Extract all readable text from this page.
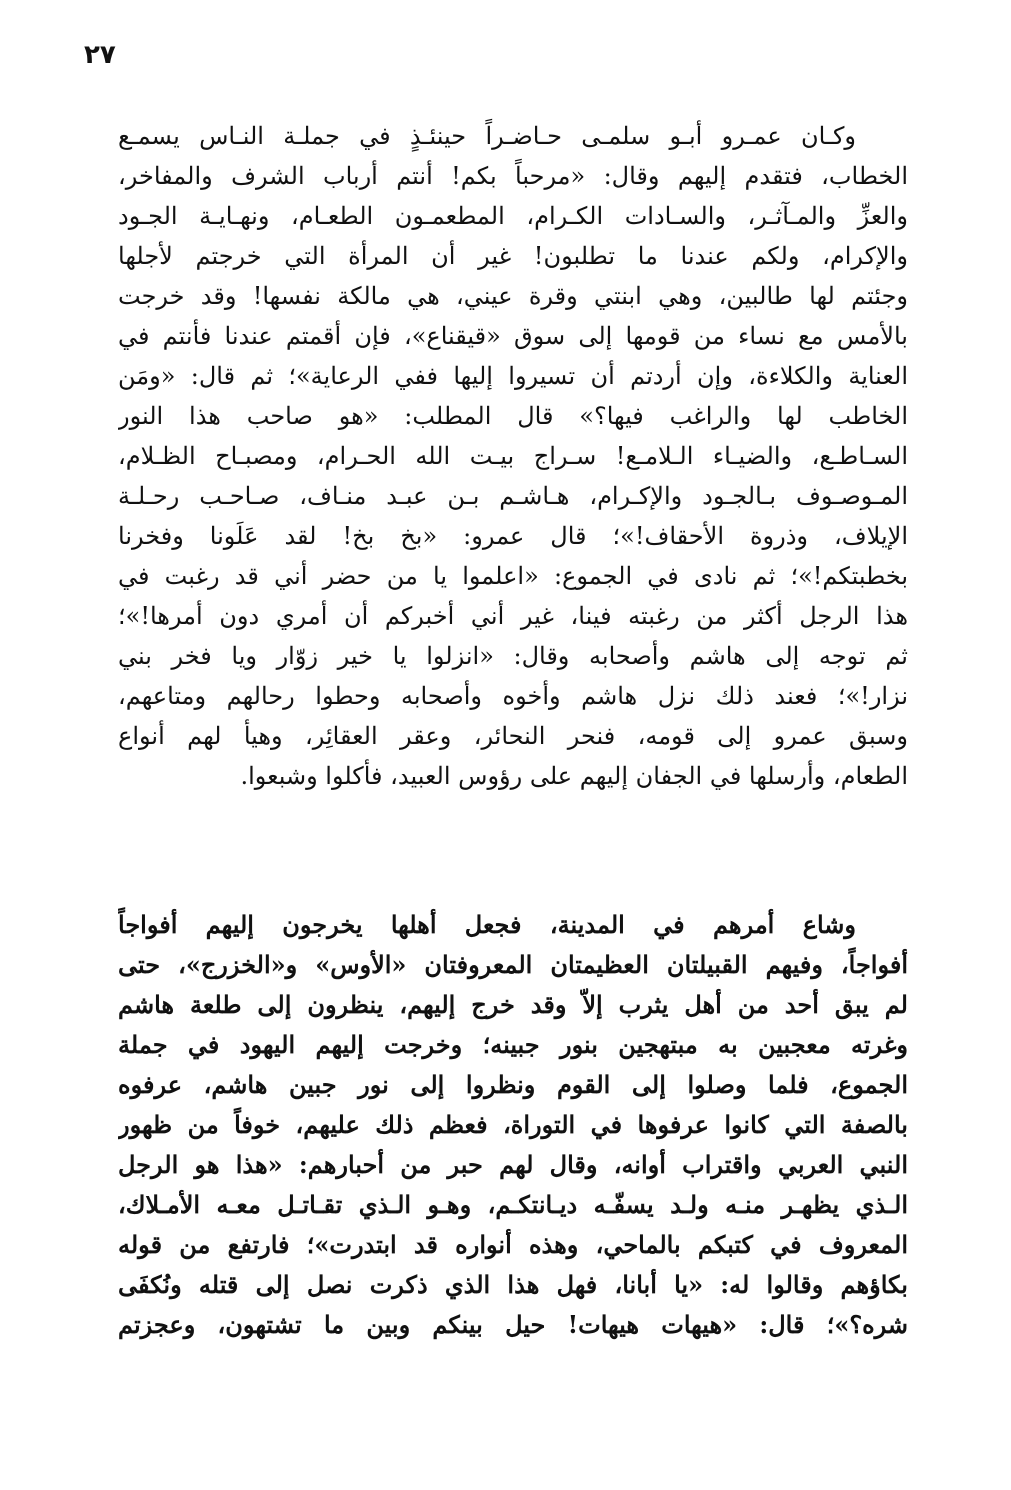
٢٧
وكـان عمـرو أبـو سلمـى حـاضـراً حينئـذٍ في جملـة النـاس يسمـع
الخطاب، فتقدم إليهم وقال: «مرحباً بكم! أنتم أرباب الشرف والمفاخر،
والعزِّ والمـآثـر، والسـادات الكـرام، المطعمـون الطعـام، ونهـايـة الجـود
والإكرام، ولكم عندنا ما تطلبون! غير أن المرأة التي خرجتم لأجلها
وجئتم لها طالبين، وهي ابنتي وقرة عيني، هي مالكة نفسها! وقد خرجت
بالأمس مع نساء من قومها إلى سوق «قيقناع»، فإن أقمتم عندنا فأنتم في
العناية والكلاءة، وإن أردتم أن تسيروا إليها ففي الرعاية»؛ ثم قال: «ومَن
الخاطب لها والراغب فيها؟» قال المطلب: «هو صاحب هذا النور
السـاطـع، والضيـاء الـلامـع! سـراج بيـت الله الحـرام، ومصبـاح الظـلام،
المـوصـوف بـالجـود والإكـرام، هـاشـم بـن عبـد منـاف، صـاحـب رحـلـة
الإيلاف، وذروة الأحقاف!»؛ قال عمرو: «بخ بخ! لقد عَلَونا وفخرنا
بخطبتكم!»؛ ثم نادى في الجموع: «اعلموا يا من حضر أني قد رغبت في
هذا الرجل أكثر من رغبته فينا، غير أني أخبركم أن أمري دون أمرها!»؛
ثم توجه إلى هاشم وأصحابه وقال: «انزلوا يا خير زوّار ويا فخر بني
نزار!»؛ فعند ذلك نزل هاشم وأخوه وأصحابه وحطوا رحالهم ومتاعهم،
وسبق عمرو إلى قومه، فنحر النحائر، وعقر العقائِر، وهيأ لهم أنواع
الطعام، وأرسلها في الجفان إليهم على رؤوس العبيد، فأكلوا وشبعوا.
وشاع أمرهم في المدينة، فجعل أهلها يخرجون إليهم أفواجاً
أفواجاً، وفيهم القبيلتان العظيمتان المعروفتان «الأوس» و«الخزرج»، حتى
لم يبق أحد من أهل يثرب إلاّ وقد خرج إليهم، ينظرون إلى طلعة هاشم
وغرته معجبين به مبتهجين بنور جبينه؛ وخرجت إليهم اليهود في جملة
الجموع، فلما وصلوا إلى القوم ونظروا إلى نور جبين هاشم، عرفوه
بالصفة التي كانوا عرفوها في التوراة، فعظم ذلك عليهم، خوفاً من ظهور
النبي العربي واقتراب أوانه، وقال لهم حبر من أحبارهم: «هذا هو الرجل
الـذي يظهـر منـه ولـد يسفّـه ديـانتكـم، وهـو الـذي تقـاتـل معـه الأمـلاك،
المعروف في كتبكم بالماحي، وهذه أنواره قد ابتدرت»؛ فارتفع من قوله
بكاؤهم وقالوا له: «يا أبانا، فهل هذا الذي ذكرت نصل إلى قتله ونُكفَى
شره؟»؛ قال: «هيهات هيهات! حيل بينكم وبين ما تشتهون، وعجزتم
